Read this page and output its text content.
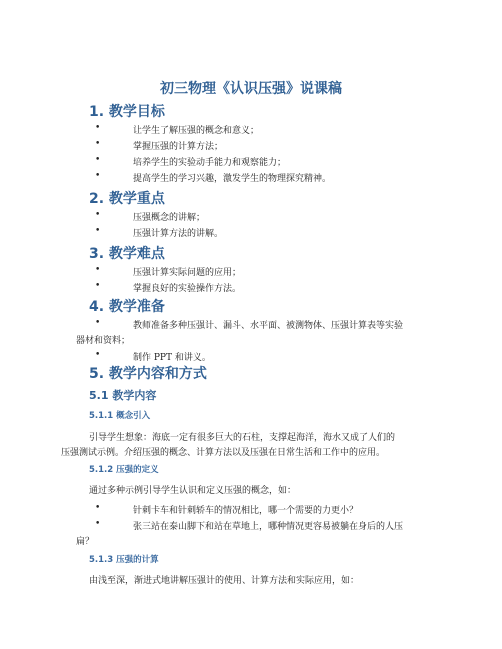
初三物理《认识压强》说课稿
1. 教学目标
•	让学生了解压强的概念和意义；
•	掌握压强的计算方法；
•	培养学生的实验动手能力和观察能力；
•	提高学生的学习兴趣，激发学生的物理探究精神。
2. 教学重点
•	压强概念的讲解；
•	压强计算方法的讲解。
3. 教学难点
•	压强计算实际问题的应用；
•	掌握良好的实验操作方法。
4. 教学准备
•	教师准备多种压强计、漏斗、水平面、被测物体、压强计算表等实验
器材和资料；
•	制作 PPT 和讲义。
5. 教学内容和方式
5.1 教学内容
5.1.1 概念引入
引导学生想象：海底一定有很多巨大的石柱，支撑起海洋，海水又成了人们的
压强测试示例。介绍压强的概念、计算方法以及压强在日常生活和工作中的应用。
5.1.2 压强的定义
通过多种示例引导学生认识和定义压强的概念，如：
•	针刺卡车和针刺轿车的情况相比，哪一个需要的力更小？
•	张三站在泰山脚下和站在草地上，哪种情况更容易被躺在身后的人压
扁？
5.1.3 压强的计算
由浅至深，渐进式地讲解压强计的使用、计算方法和实际应用，如：
